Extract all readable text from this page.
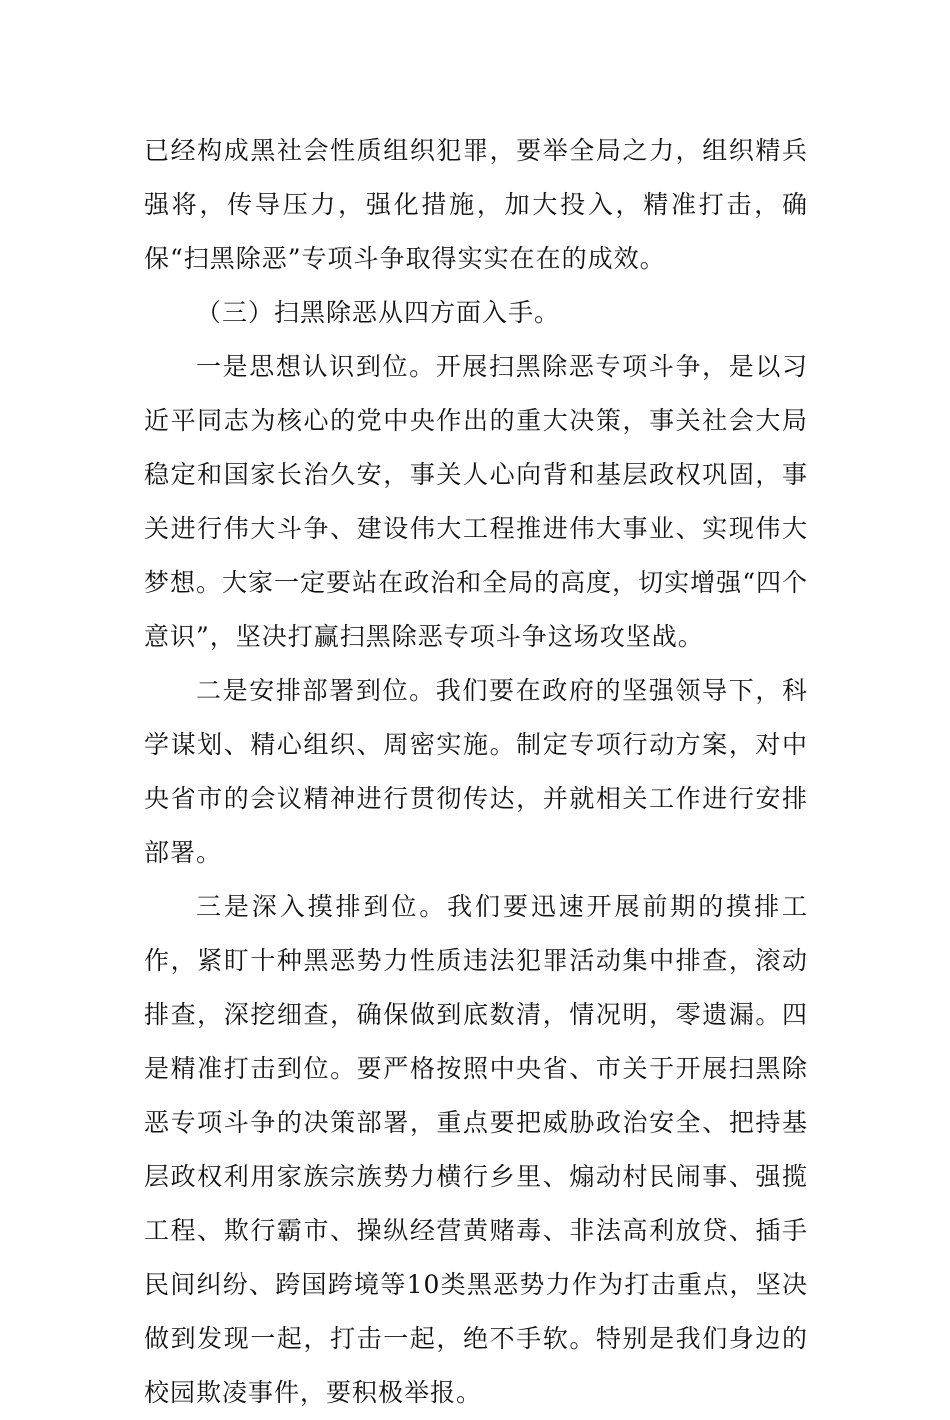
已经构成黑社会性质组织犯罪，要举全局之力，组织精兵强将，传导压力，强化措施，加大投入，精准打击，确保“扫黑除恶”专项斗争取得实实在在的成效。

（三）扫黑除恶从四方面入手。

一是思想认识到位。开展扫黑除恶专项斗争，是以习近平同志为核心的党中央作出的重大决策，事关社会大局稳定和国家长治久安，事关人心向背和基层政权巩固，事关进行伟大斗争、建设伟大工程推进伟大事业、实现伟大梦想。大家一定要站在政治和全局的高度，切实增强“四个意识”，坚决打赢扫黑除恶专项斗争这场攻坚战。

二是安排部署到位。我们要在政府的坚强领导下，科学谋划、精心组织、周密实施。制定专项行动方案，对中央省市的会议精神进行贯彻传达，并就相关工作进行安排部署。

三是深入摸排到位。我们要迅速开展前期的摸排工作，紧盯十种黑恶势力性质违法犯罪活动集中排查，滚动排查，深挖细查，确保做到底数清，情况明，零遗漏。四是精准打击到位。要严格按照中央省、市关于开展扫黑除恶专项斗争的决策部署，重点要把威胁政治安全、把持基层政权利用家族宗族势力横行乡里、煽动村民闹事、强揽工程、欺行霸市、操纵经营黄赌毒、非法高利放贷、插手民间纠纷、跨国跨境等10类黑恶势力作为打击重点，坚决做到发现一起，打击一起，绝不手软。特别是我们身边的校园欺凌事件，要积极举报。
